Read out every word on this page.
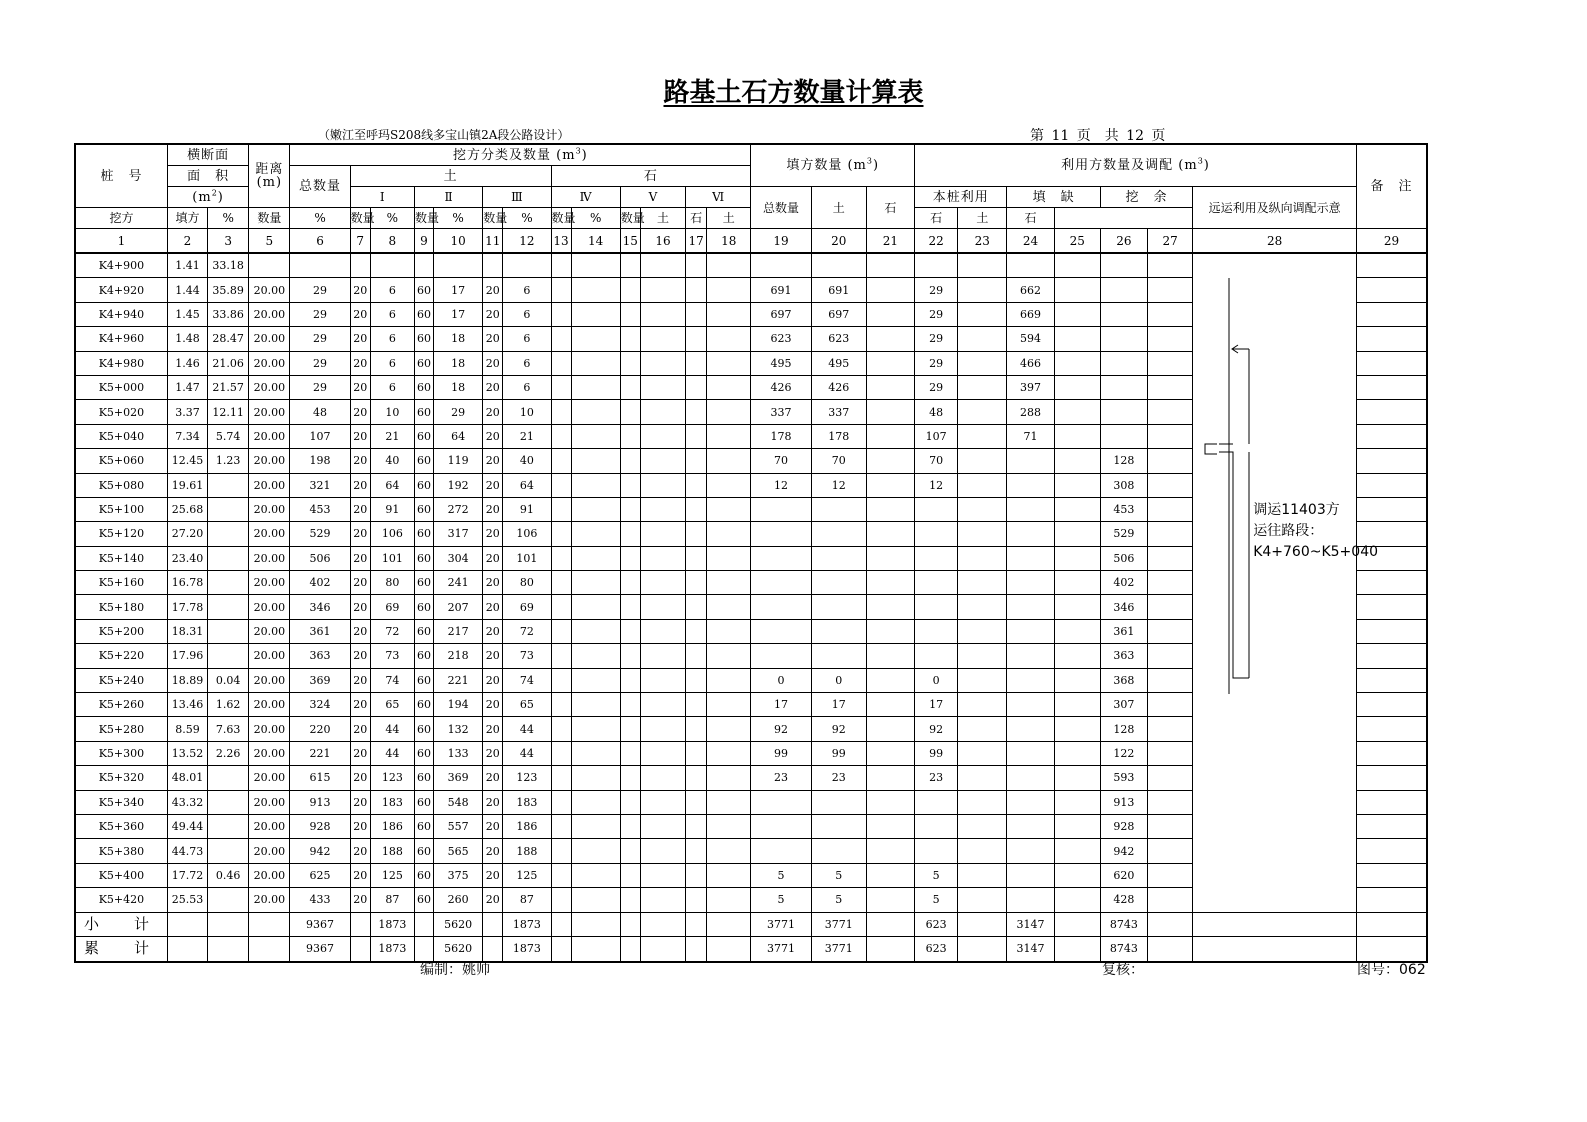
路基土石方数量计算表
（嫩江至呼玛S208线多宝山镇2A段公路设计）	第 11 页　共 12 页
桩　号	横断面		距离
(m)	挖方分类及数量 $(m^3)$													填方数量 $(m^3)$			利用方数量及调配 $(m^3)$							备　注
	面　积			总数量	土						石																
	$(m^2)$				Ⅰ		Ⅱ		Ⅲ		Ⅳ		Ⅴ		Ⅵ		总数量	土	石	本桩利用		填　缺		挖　余		远运利用及纵向调配示意	
挖方	填方	%	数量	%	数量	%	数量	%	数量	%	数量	%	数量	土	石	土				石	土	石					
1	2	3	5	6	7	8	9	10	11	12	13	14	15	16	17	18	19	20	21	22	23	24	25	26	27	28	29
K4+900	1.41	33.18																								调运11403方运往路段：K4+760~K5+040	

K4+920	1.44	35.89	20.00	29	20	6	60	17	20	6							691	691		29		662					
K4+940	1.45	33.86	20.00	29	20	6	60	17	20	6							697	697		29		669					
K4+960	1.48	28.47	20.00	29	20	6	60	18	20	6							623	623		29		594					
K4+980	1.46	21.06	20.00	29	20	6	60	18	20	6							495	495		29		466					
K5+000	1.47	21.57	20.00	29	20	6	60	18	20	6							426	426		29		397					
K5+020	3.37	12.11	20.00	48	20	10	60	29	20	10							337	337		48		288					
K5+040	7.34	5.74	20.00	107	20	21	60	64	20	21							178	178		107		71					
K5+060	12.45	1.23	20.00	198	20	40	60	119	20	40							70	70		70				128			
K5+080	19.61		20.00	321	20	64	60	192	20	64							12	12		12				308			
K5+100	25.68		20.00	453	20	91	60	272	20	91														453			
K5+120	27.20		20.00	529	20	106	60	317	20	106														529			
K5+140	23.40		20.00	506	20	101	60	304	20	101														506			
K5+160	16.78		20.00	402	20	80	60	241	20	80														402			
K5+180	17.78		20.00	346	20	69	60	207	20	69														346			
K5+200	18.31		20.00	361	20	72	60	217	20	72														361			
K5+220	17.96		20.00	363	20	73	60	218	20	73														363			
K5+240	18.89	0.04	20.00	369	20	74	60	221	20	74							0	0		0				368			
K5+260	13.46	1.62	20.00	324	20	65	60	194	20	65							17	17		17				307			
K5+280	8.59	7.63	20.00	220	20	44	60	132	20	44							92	92		92				128			
K5+300	13.52	2.26	20.00	221	20	44	60	133	20	44							99	99		99				122			
K5+320	48.01		20.00	615	20	123	60	369	20	123							23	23		23				593			
K5+340	43.32		20.00	913	20	183	60	548	20	183														913			
K5+360	49.44		20.00	928	20	186	60	557	20	186														928			
K5+380	44.73		20.00	942	20	188	60	565	20	188														942			
K5+400	17.72	0.46	20.00	625	20	125	60	375	20	125							5	5		5				620			
K5+420	25.53		20.00	433	20	87	60	260	20	87							5	5		5				428			
小　计				9367		1873		5620		1873							3771	3771		623		3147		8743			
累　计				9367		1873		5620		1873							3771	3771		623		3147		8743			
编制：姚帅	复核：	图号：062
